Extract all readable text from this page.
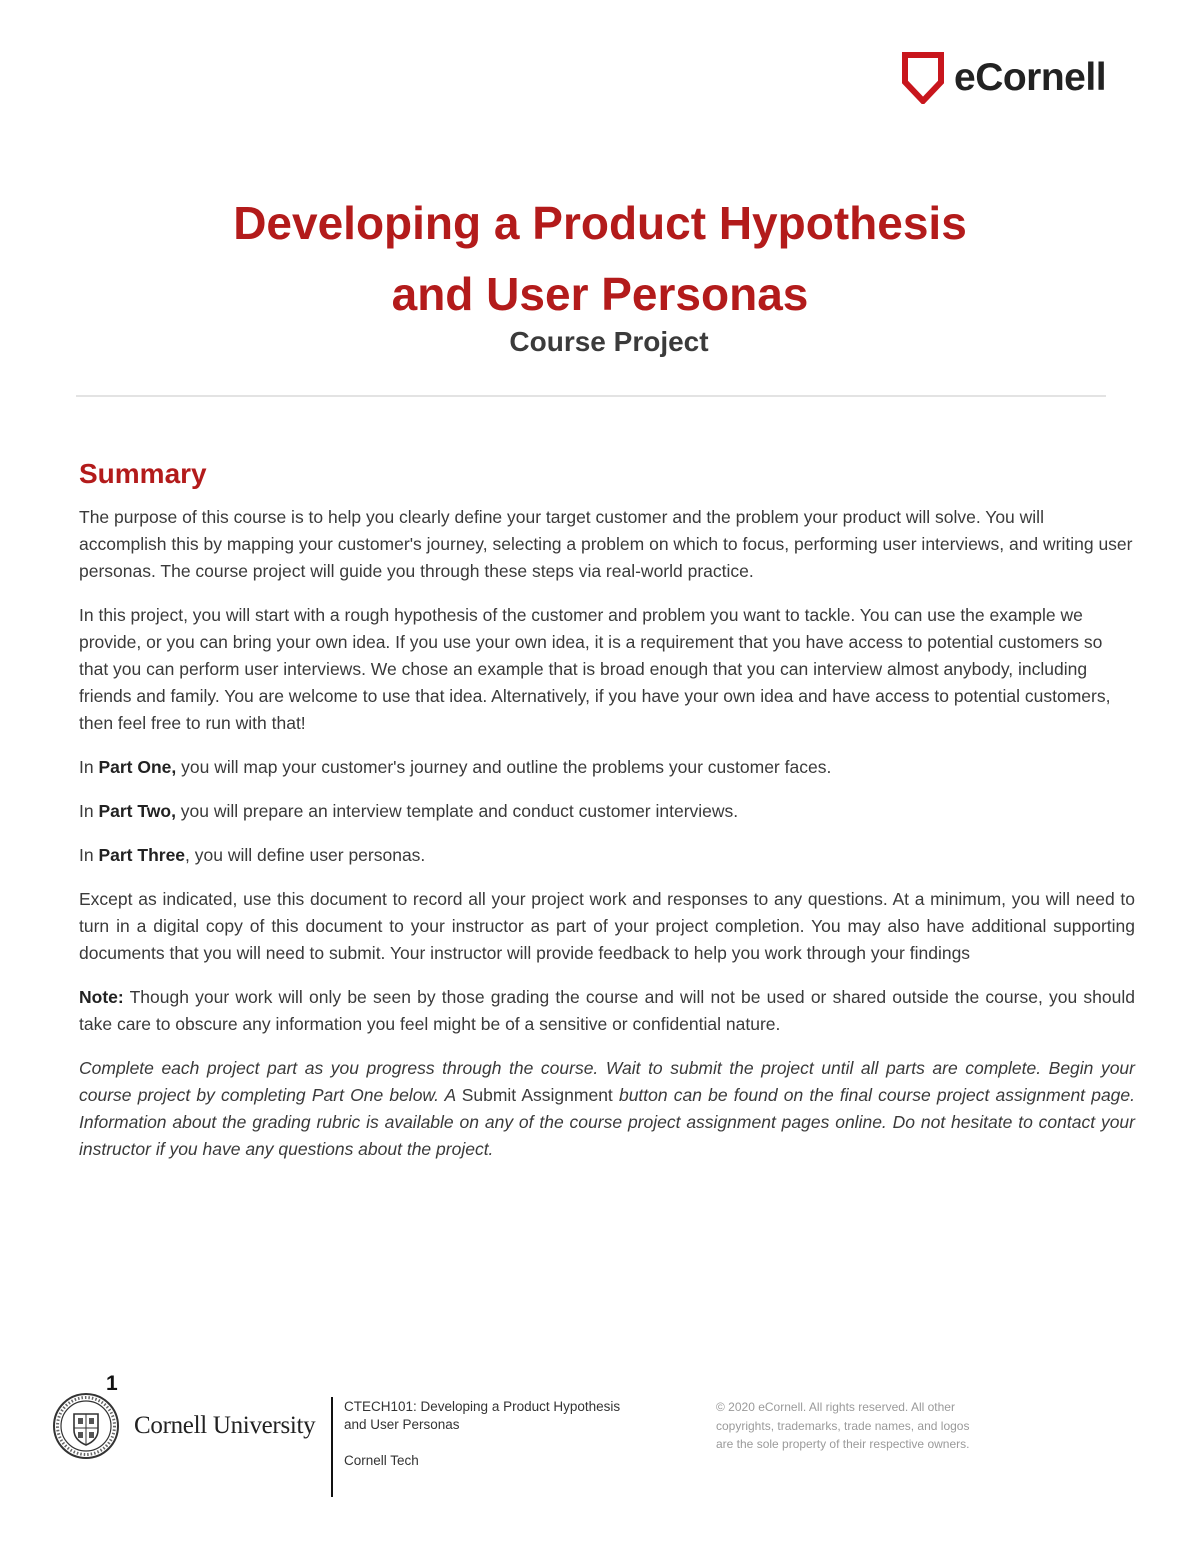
eCornell
Developing a Product Hypothesis
and User Personas
Course Project
Summary

The purpose of this course is to help you clearly define your target customer and the problem your product will solve. You will accomplish this by mapping your customer's journey, selecting a problem on which to focus, performing user interviews, and writing user personas. The course project will guide you through these steps via real-world practice.

In this project, you will start with a rough hypothesis of the customer and problem you want to tackle. You can use the example we provide, or you can bring your own idea. If you use your own idea, it is a requirement that you have access to potential customers so that you can perform user interviews. We chose an example that is broad enough that you can interview almost anybody, including friends and family. You are welcome to use that idea. Alternatively, if you have your own idea and have access to potential customers, then feel free to run with that!

In Part One, you will map your customer's journey and outline the problems your customer faces.

In Part Two, you will prepare an interview template and conduct customer interviews.

In Part Three, you will define user personas.

Except as indicated, use this document to record all your project work and responses to any questions. At a minimum, you will need to turn in a digital copy of this document to your instructor as part of your project completion. You may also have additional supporting documents that you will need to submit. Your instructor will provide feedback to help you work through your findings

Note: Though your work will only be seen by those grading the course and will not be used or shared outside the course, you should take care to obscure any information you feel might be of a sensitive or confidential nature.

Complete each project part as you progress through the course. Wait to submit the project until all parts are complete. Begin your course project by completing Part One below. A Submit Assignment button can be found on the final course project assignment page. Information about the grading rubric is available on any of the course project assignment pages online. Do not hesitate to contact your instructor if you have any questions about the project.

1
Cornell University
CTECH101: Developing a Product Hypothesis
and User Personas
Cornell Tech
© 2020 eCornell. All rights reserved. All other
copyrights, trademarks, trade names, and logos
are the sole property of their respective owners.
